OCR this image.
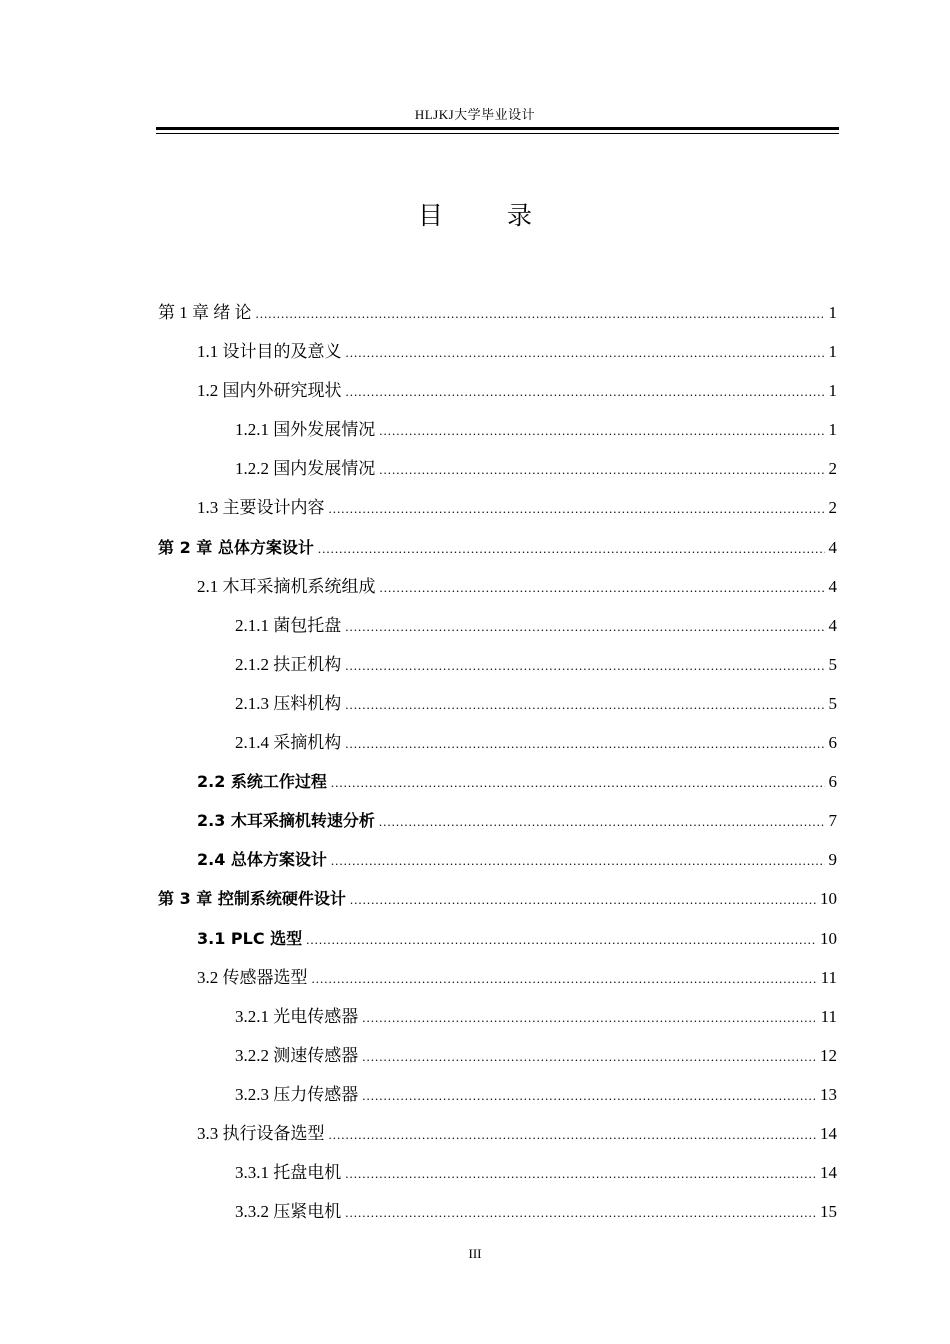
HLJKJ大学毕业设计
目 录
第 1 章 绪 论 .....	1
1.1 设计目的及意义 .....	1
1.2 国内外研究现状 .....	1
1.2.1 国外发展情况 .....	1
1.2.2 国内发展情况 .....	2
1.3 主要设计内容 .....	2
第 2 章 总体方案设计 .....	4
2.1 木耳采摘机系统组成 .....	4
2.1.1 菌包托盘 .....	4
2.1.2 扶正机构 .....	5
2.1.3 压料机构 .....	5
2.1.4 采摘机构 .....	6
2.2 系统工作过程 .....	6
2.3 木耳采摘机转速分析 .....	7
2.4 总体方案设计 .....	9
第 3 章 控制系统硬件设计 .....	10
3.1 PLC 选型 .....	10
3.2 传感器选型 .....	11
3.2.1 光电传感器 .....	11
3.2.2 测速传感器 .....	12
3.2.3 压力传感器 .....	13
3.3 执行设备选型 .....	14
3.3.1 托盘电机 .....	14
3.3.2 压紧电机 .....	15
III
